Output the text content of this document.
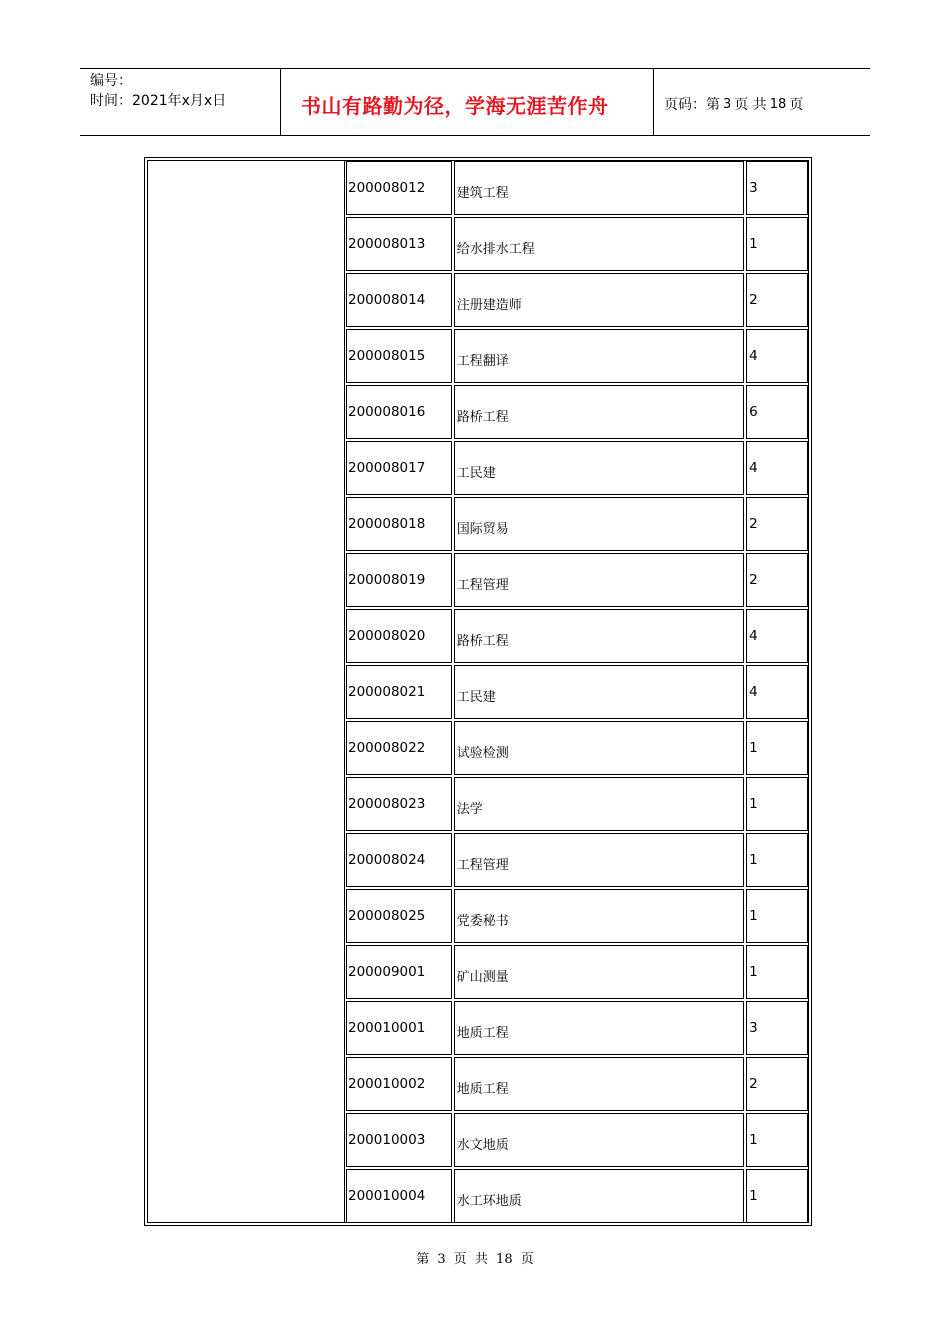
编号：
时间：2021年x月x日	书山有路勤为径，学海无涯苦作舟	页码：第 3 页 共 18 页
200008012	建筑工程	3
200008013	给水排水工程	1
200008014	注册建造师	2
200008015	工程翻译	4
200008016	路桥工程	6
200008017	工民建	4
200008018	国际贸易	2
200008019	工程管理	2
200008020	路桥工程	4
200008021	工民建	4
200008022	试验检测	1
200008023	法学	1
200008024	工程管理	1
200008025	党委秘书	1
200009001	矿山测量	1
200010001	地质工程	3
200010002	地质工程	2
200010003	水文地质	1
200010004	水工环地质	1
第 3 页 共 18 页
